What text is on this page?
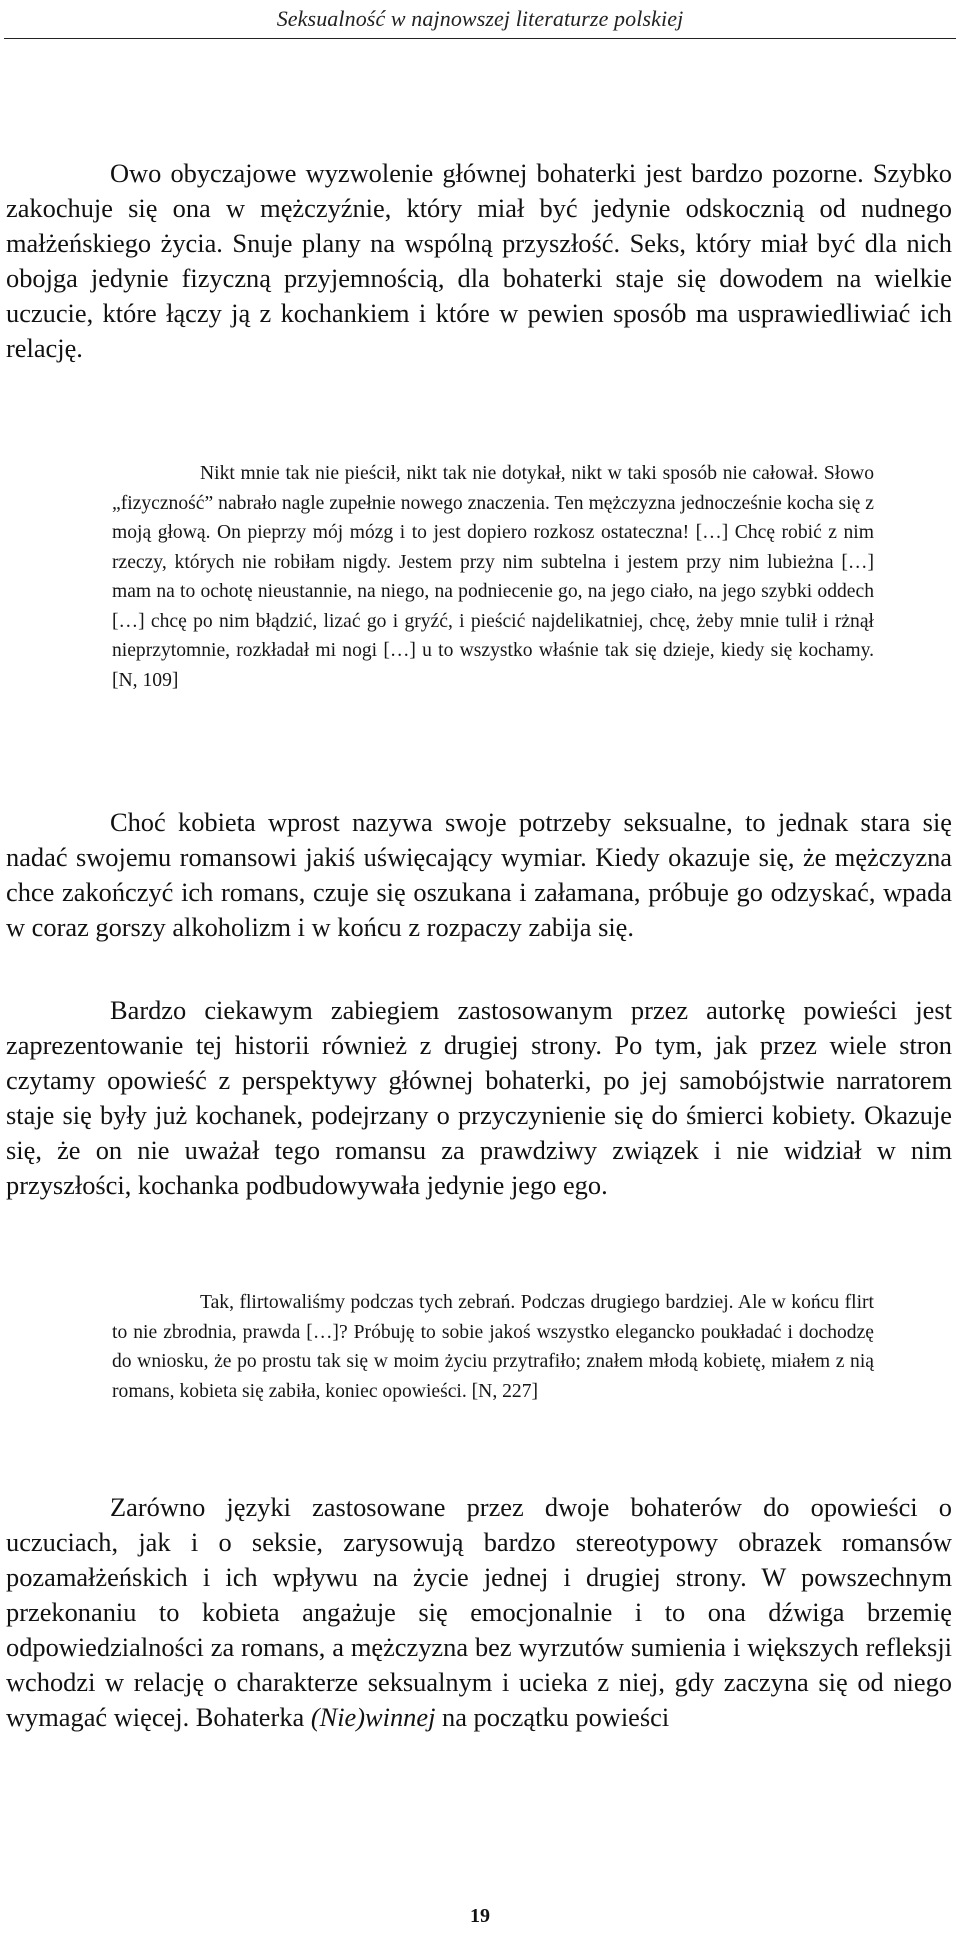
Seksualność w najnowszej literaturze polskiej

Owo obyczajowe wyzwolenie głównej bohaterki jest bardzo pozorne. Szybko zakochuje się ona w mężczyźnie, który miał być jedynie odskocznią od nudnego małżeńskiego życia. Snuje plany na wspólną przyszłość. Seks, który miał być dla nich obojga jedynie fizyczną przyjemnością, dla bohaterki staje się dowodem na wielkie uczucie, które łączy ją z kochankiem i które w pewien sposób ma usprawiedliwiać ich relację.

Nikt mnie tak nie pieścił, nikt tak nie dotykał, nikt w taki sposób nie całował. Słowo „fizyczność” nabrało nagle zupełnie nowego znaczenia. Ten mężczyzna jednocześnie kocha się z moją głową. On pieprzy mój mózg i to jest dopiero rozkosz ostateczna! […] Chcę robić z nim rzeczy, których nie robiłam nigdy. Jestem przy nim subtelna i jestem przy nim lubieżna […] mam na to ochotę nieustannie, na niego, na podniecenie go, na jego ciało, na jego szybki oddech […] chcę po nim błądzić, lizać go i gryźć, i pieścić najdelikatniej, chcę, żeby mnie tulił i rżnął nieprzytomnie, rozkładał mi nogi […] u to wszystko właśnie tak się dzieje, kiedy się kochamy. [N, 109]

Choć kobieta wprost nazywa swoje potrzeby seksualne, to jednak stara się nadać swojemu romansowi jakiś uświęcający wymiar. Kiedy okazuje się, że mężczyzna chce zakończyć ich romans, czuje się oszukana i załamana, próbuje go odzyskać, wpada w coraz gorszy alkoholizm i w końcu z rozpaczy zabija się.

Bardzo ciekawym zabiegiem zastosowanym przez autorkę powieści jest zaprezentowanie tej historii również z drugiej strony. Po tym, jak przez wiele stron czytamy opowieść z perspektywy głównej bohaterki, po jej samobójstwie narratorem staje się były już kochanek, podejrzany o przyczynienie się do śmierci kobiety. Okazuje się, że on nie uważał tego romansu za prawdziwy związek i nie widział w nim przyszłości, kochanka podbudowywała jedynie jego ego.

Tak, flirtowaliśmy podczas tych zebrań. Podczas drugiego bardziej. Ale w końcu flirt to nie zbrodnia, prawda […]? Próbuję to sobie jakoś wszystko elegancko poukładać i dochodzę do wniosku, że po prostu tak się w moim życiu przytrafiło; znałem młodą kobietę, miałem z nią romans, kobieta się zabiła, koniec opowieści. [N, 227]

Zarówno języki zastosowane przez dwoje bohaterów do opowieści o uczuciach, jak i o seksie, zarysowują bardzo stereotypowy obrazek romansów pozamałżeńskich i ich wpływu na życie jednej i drugiej strony. W powszechnym przekonaniu to kobieta angażuje się emocjonalnie i to ona dźwiga brzemię odpowiedzialności za romans, a mężczyzna bez wyrzutów sumienia i większych refleksji wchodzi w relację o charakterze seksualnym i ucieka z niej, gdy zaczyna się od niego wymagać więcej. Bohaterka (Nie)winnej na początku powieści

19
